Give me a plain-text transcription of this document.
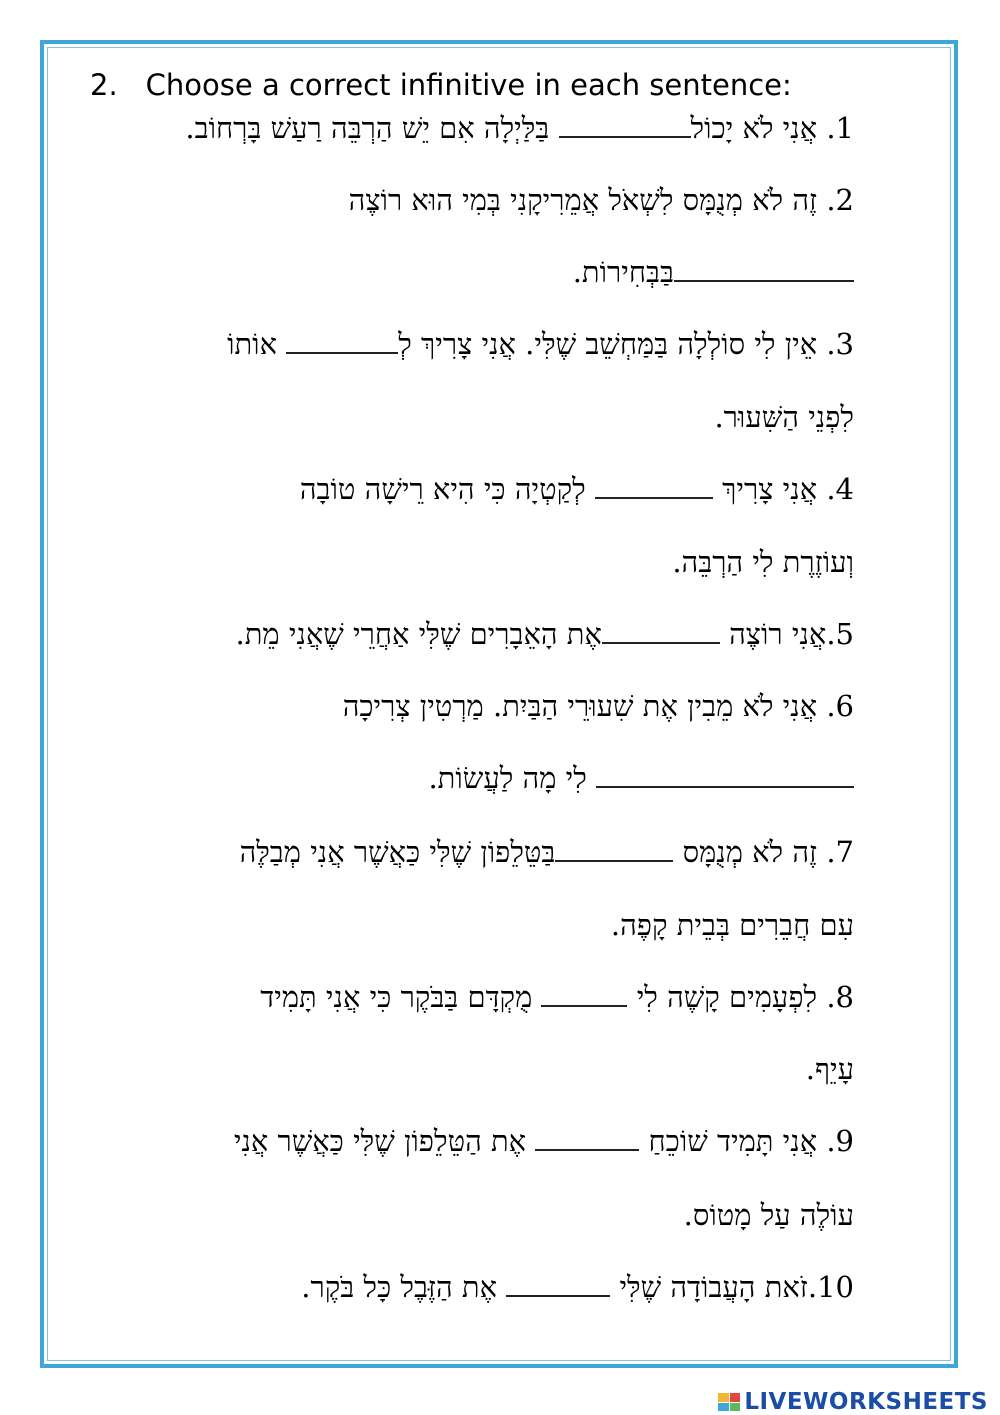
2. Choose a correct infinitive in each sentence:
1. אֲנִי לֹא יָכוֹל בַּלַּיְלָה אִם יֵשׁ הַרְבֵּה רַעַשׁ בָּרְחוֹב.
2. זֶה לֹא מְנֻמָּס לִשְׁאֹל אֲמֵרִיקָנִי בְּמִי הוּא רוֹצֶה
בַּבְּחִירוֹת.
3. אֵין לִי סוֹלְלָה בַּמַּחְשֵׁב שֶׁלִּי. אֲנִי צָרִיךְ לְ אוֹתוֹ
לִפְנֵי הַשִּׁעוּר.
4. אֲנִי צָרִיךְ  לְקַטְיָה כִּי הִיא רֵישָׁה טוֹבָה
וְעוֹזֶרֶת לִי הַרְבֵּה.
5.אֲנִי רוֹצֶה אֶת הָאֵבָרִים שֶׁלִּי אַחֲרֵי שֶׁאֲנִי מֵת.
6. אֲנִי לֹא מֵבִין אֶת שִׁעוּרֵי הַבַּיִת. מַרְטִין צְרִיכָה
לִי מָה לַעֲשׂוֹת.
7. זֶה לֹא מְנֻמָּס בַּטֵּלֵפוֹן שֶׁלִּי כַּאֲשֶׁר אֲנִי מְבַלֶּה
עִם חֲבֵרִים בְּבֵית קָפֶה.
8. לִפְעָמִים קָשֶׁה לִי  מֻקְדָּם בַּבֹּקֶר כִּי אֲנִי תָּמִיד
עָיֵף.
9. אֲנִי תָּמִיד שׁוֹכֵחַ  אֶת הַטֵּלֵפוֹן שֶׁלִּי כַּאֲשֶׁר אֲנִי
עוֹלֶה עַל מָטוֹס.
10.זֹאת הָעֲבוֹדָה שֶׁלִּי  אֶת הַזֶּבֶל כָּל בֹּקֶר.
LIVEWORKSHEETS
